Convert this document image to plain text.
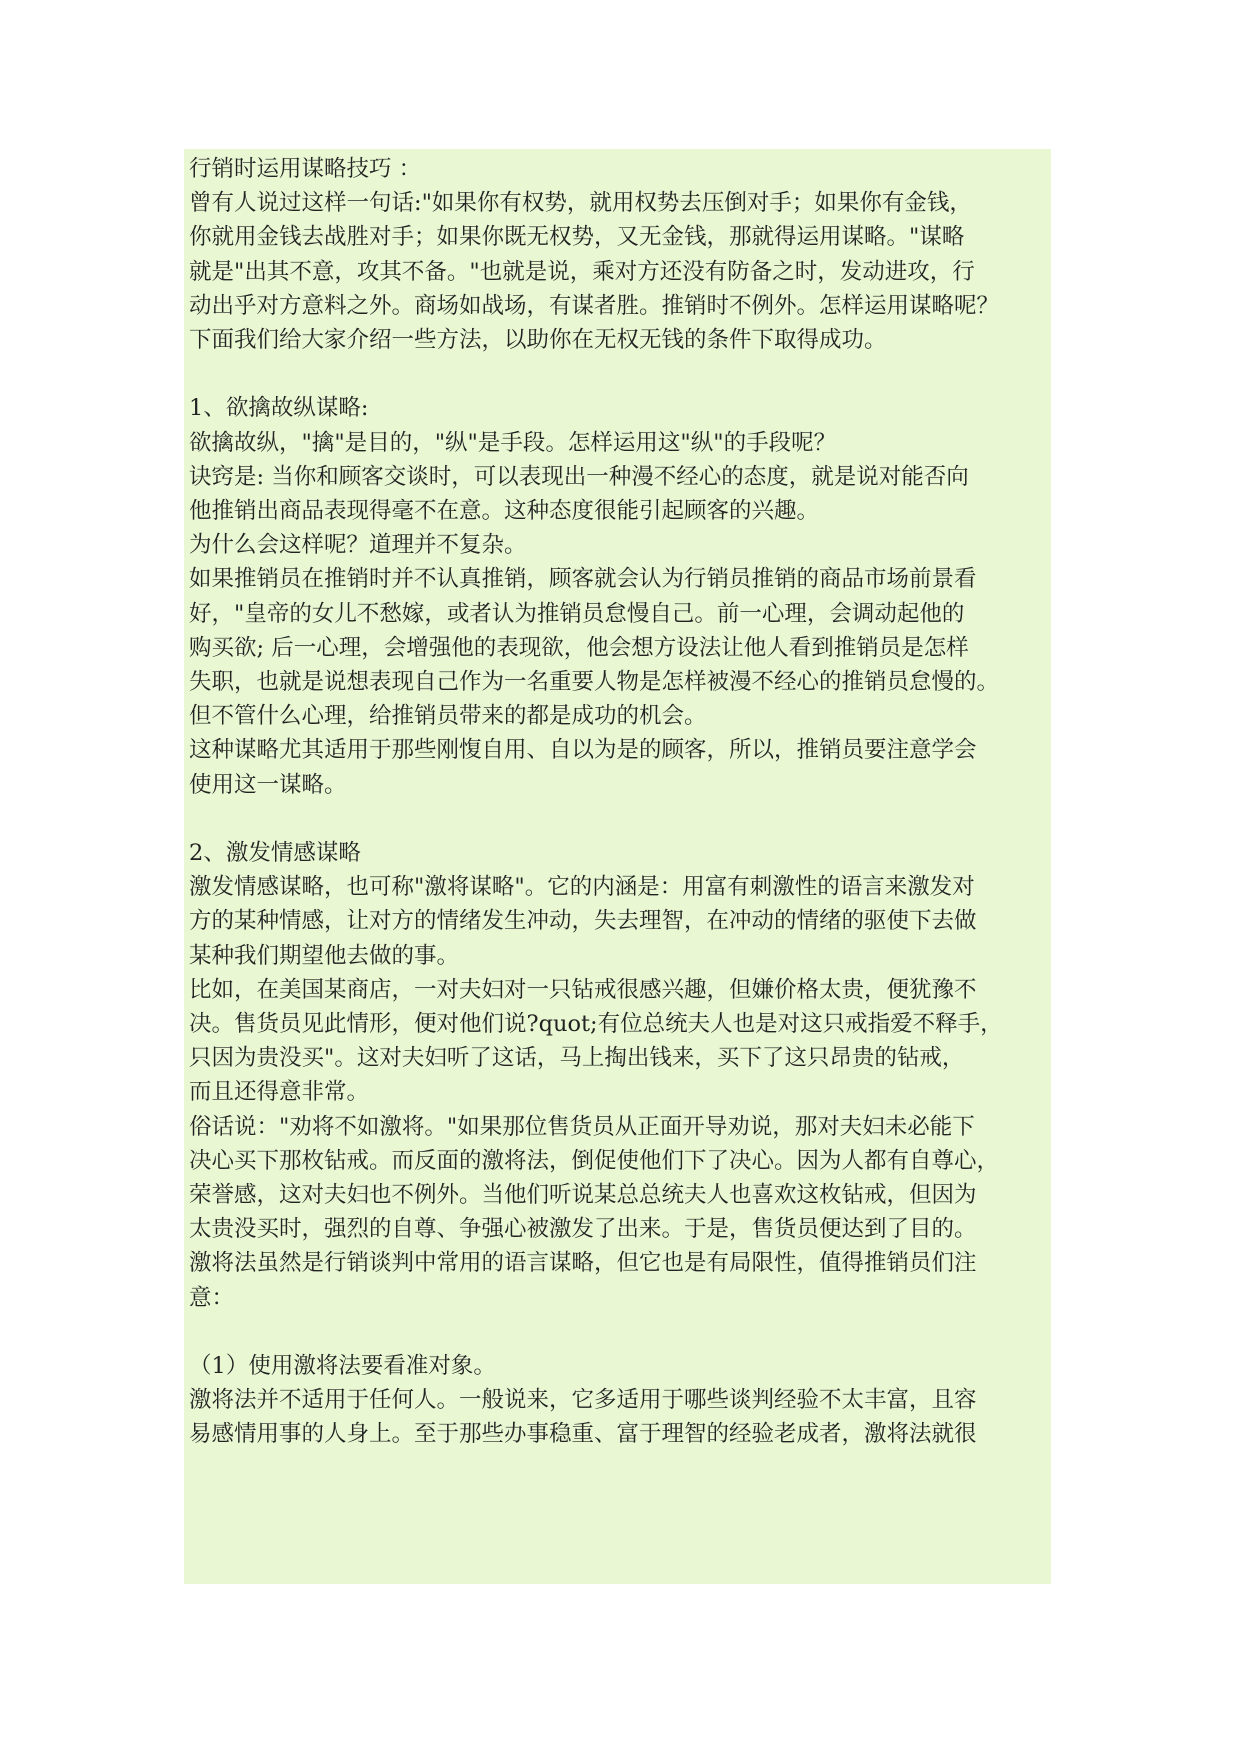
行销时运用谋略技巧 ：
曾有人说过这样一句话:"如果你有权势，就用权势去压倒对手；如果你有金钱，
你就用金钱去战胜对手；如果你既无权势，又无金钱，那就得运用谋略。"谋略
就是"出其不意，攻其不备。"也就是说，乘对方还没有防备之时，发动进攻，行
动出乎对方意料之外。商场如战场，有谋者胜。推销时不例外。怎样运用谋略呢？
下面我们给大家介绍一些方法，以助你在无权无钱的条件下取得成功。
1、欲擒故纵谋略:
欲擒故纵，"擒"是目的，"纵"是手段。怎样运用这"纵"的手段呢？
诀窍是: 当你和顾客交谈时，可以表现出一种漫不经心的态度，就是说对能否向
他推销出商品表现得毫不在意。这种态度很能引起顾客的兴趣。
为什么会这样呢？道理并不复杂。
如果推销员在推销时并不认真推销，顾客就会认为行销员推销的商品市场前景看
好，"皇帝的女儿不愁嫁，或者认为推销员怠慢自己。前一心理，会调动起他的
购买欲; 后一心理，会增强他的表现欲，他会想方设法让他人看到推销员是怎样
失职，也就是说想表现自己作为一名重要人物是怎样被漫不经心的推销员怠慢的。
但不管什么心理，给推销员带来的都是成功的机会。
这种谋略尤其适用于那些刚愎自用、自以为是的顾客，所以，推销员要注意学会
使用这一谋略。
2、激发情感谋略
激发情感谋略，也可称"激将谋略"。它的内涵是：用富有刺激性的语言来激发对
方的某种情感，让对方的情绪发生冲动，失去理智，在冲动的情绪的驱使下去做
某种我们期望他去做的事。
比如，在美国某商店，一对夫妇对一只钻戒很感兴趣，但嫌价格太贵，便犹豫不
决。售货员见此情形，便对他们说?quot;有位总统夫人也是对这只戒指爱不释手，
只因为贵没买"。这对夫妇听了这话，马上掏出钱来，买下了这只昂贵的钻戒，
而且还得意非常。
俗话说："劝将不如激将。"如果那位售货员从正面开导劝说，那对夫妇未必能下
决心买下那枚钻戒。而反面的激将法，倒促使他们下了决心。因为人都有自尊心，
荣誉感，这对夫妇也不例外。当他们听说某总总统夫人也喜欢这枚钻戒，但因为
太贵没买时，强烈的自尊、争强心被激发了出来。于是，售货员便达到了目的。
激将法虽然是行销谈判中常用的语言谋略，但它也是有局限性，值得推销员们注
意：
（1）使用激将法要看准对象。
激将法并不适用于任何人。一般说来，它多适用于哪些谈判经验不太丰富，且容
易感情用事的人身上。至于那些办事稳重、富于理智的经验老成者，激将法就很
